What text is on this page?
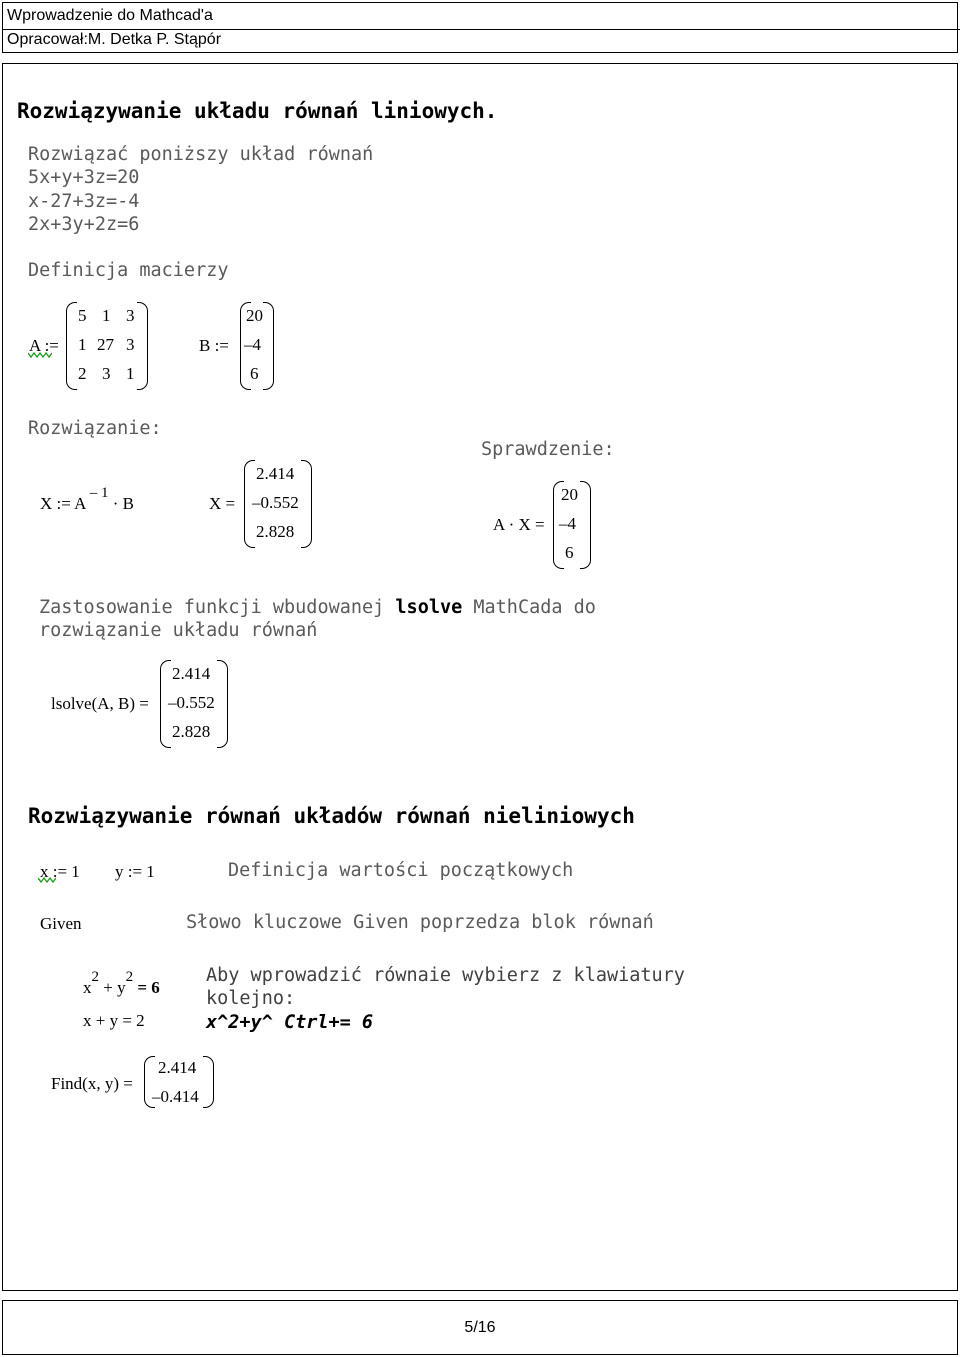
Wprowadzenie do Mathcad'a
Opracował:M. Detka P. Stąpór
Rozwiązywanie układu równań liniowych.
Rozwiązać poniższy układ równań
5x+y+3z=20
x-27+3z=-4
2x+3y+2z=6
Definicja macierzy
A :=
5 1 3
1 27 3
2 3 1
B :=
20
–4
6
Rozwiązanie:
X := A – 1 · B	X =
2.414
–0.552
2.828
Sprawdzenie:
A · X =
20
–4
6
Zastosowanie funkcji wbudowanej lsolve MathCada do
rozwiązanie układu równań
lsolve(A, B) =
2.414
–0.552
2.828
Rozwiązywanie równań układów równań nieliniowych
x := 1 y := 1	Definicja wartości początkowych
Given	Słowo kluczowe Given poprzedza blok równań
x2 + y2 = 6
x + y = 2
Aby wprowadzić równaie wybierz z klawiatury
kolejno:
x^2+y^ Ctrl+= 6
Find(x, y) =
2.414
–0.414
5/16
